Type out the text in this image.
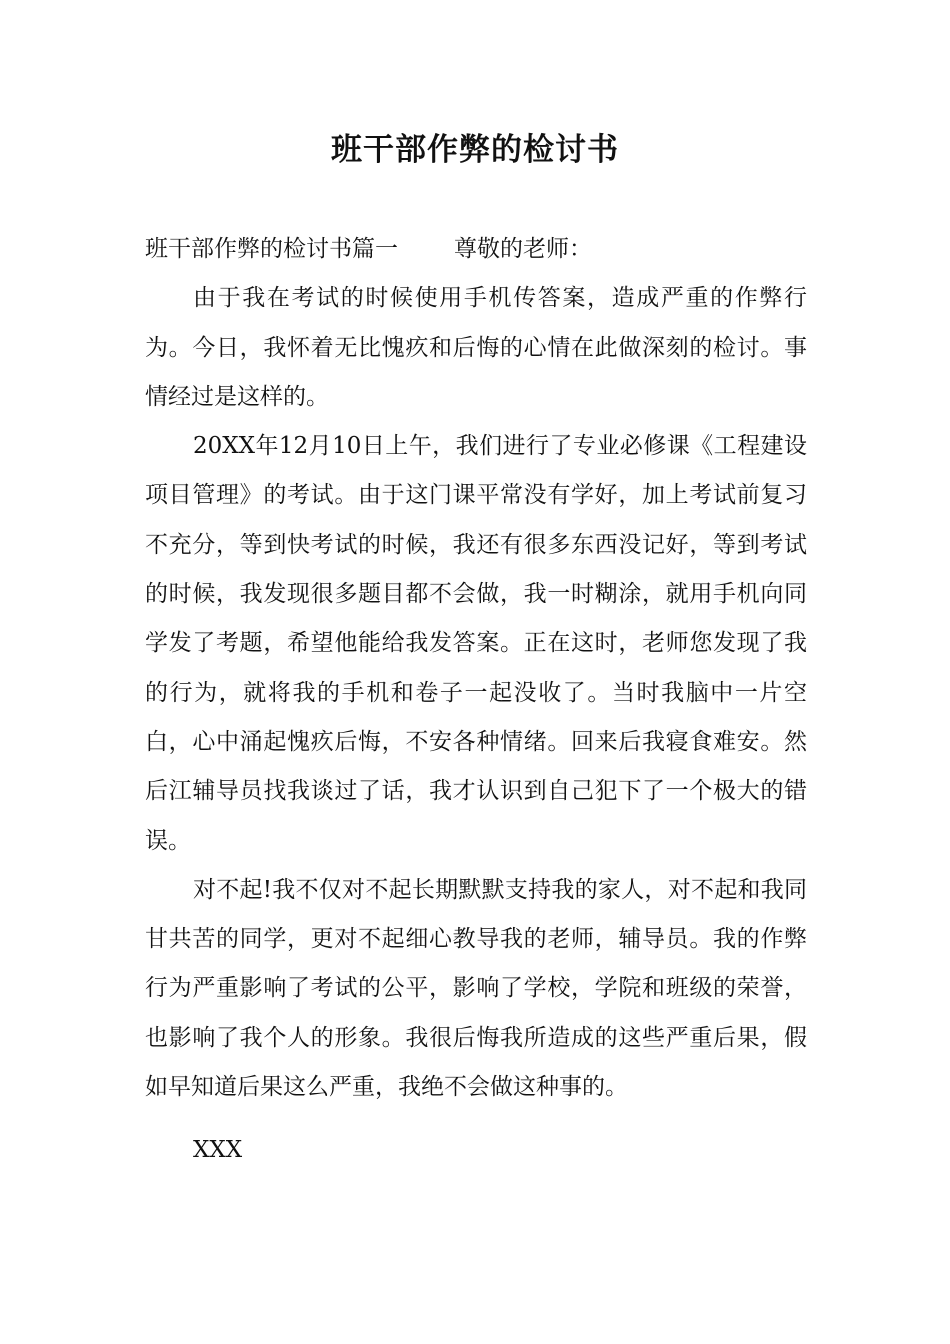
班干部作弊的检讨书

班干部作弊的检讨书篇一 尊敬的老师：

由于我在考试的时候使用手机传答案，造成严重的作弊行为。今日，我怀着无比愧疚和后悔的心情在此做深刻的检讨。事情经过是这样的。

20XX年12月10日上午，我们进行了专业必修课《工程建设项目管理》的考试。由于这门课平常没有学好，加上考试前复习不充分，等到快考试的时候，我还有很多东西没记好，等到考试的时候，我发现很多题目都不会做，我一时糊涂，就用手机向同学发了考题，希望他能给我发答案。正在这时，老师您发现了我的行为，就将我的手机和卷子一起没收了。当时我脑中一片空白，心中涌起愧疚后悔，不安各种情绪。回来后我寝食难安。然后江辅导员找我谈过了话，我才认识到自己犯下了一个极大的错误。

对不起!我不仅对不起长期默默支持我的家人，对不起和我同甘共苦的同学，更对不起细心教导我的老师，辅导员。我的作弊行为严重影响了考试的公平，影响了学校，学院和班级的荣誉，也影响了我个人的形象。我很后悔我所造成的这些严重后果，假如早知道后果这么严重，我绝不会做这种事的。

XXX
